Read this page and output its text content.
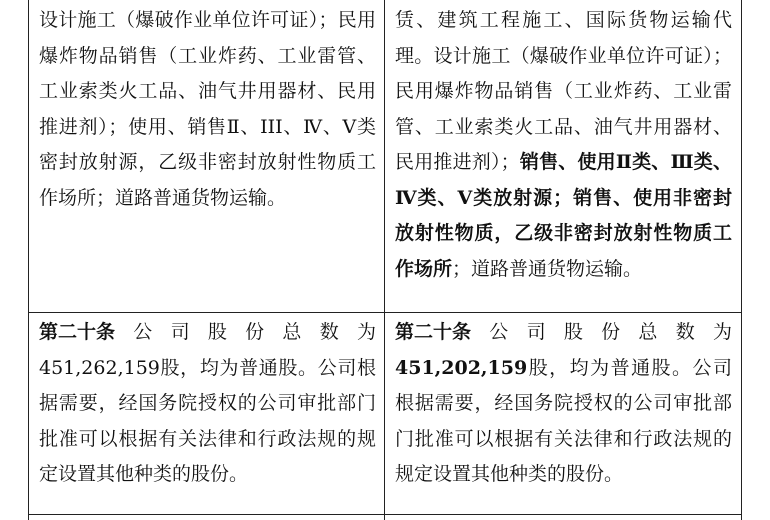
设计施工（爆破作业单位许可证）；民用爆炸物品销售（工业炸药、工业雷管、工业索类火工品、油气井用器材、民用推进剂）；使用、销售Ⅱ、III、Ⅳ、V类密封放射源，乙级非密封放射性物质工作场所；道路普通货物运输。
赁、建筑工程施工、国际货物运输代理。设计施工（爆破作业单位许可证）；民用爆炸物品销售（工业炸药、工业雷管、工业索类火工品、油气井用器材、民用推进剂）；销售、使用Ⅱ类、Ⅲ类、Ⅳ类、Ⅴ类放射源；销售、使用非密封放射性物质，乙级非密封放射性物质工作场所；道路普通货物运输。
第二十条 公 司 股 份 总 数 为
451,262,159股，均为普通股。公司根据需要，经国务院授权的公司审批部门批准可以根据有关法律和行政法规的规定设置其他种类的股份。
第二十条 公 司 股 份 总 数 为
451,202,159股，均为普通股。公司根据需要，经国务院授权的公司审批部门批准可以根据有关法律和行政法规的规定设置其他种类的股份。
